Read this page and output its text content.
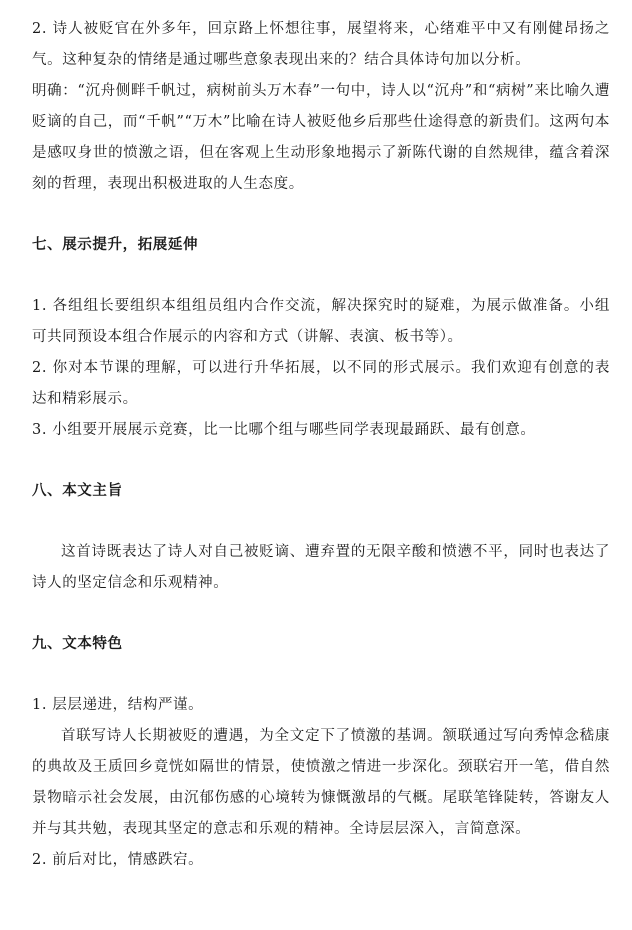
2. 诗人被贬官在外多年，回京路上怀想往事，展望将来，心绪难平中又有刚健昂扬之气。这种复杂的情绪是通过哪些意象表现出来的？结合具体诗句加以分析。

明确：“沉舟侧畔千帆过，病树前头万木春”一句中，诗人以“沉舟”和“病树”来比喻久遭贬谪的自己，而“千帆”“万木”比喻在诗人被贬他乡后那些仕途得意的新贵们。这两句本是感叹身世的愤激之语，但在客观上生动形象地揭示了新陈代谢的自然规律，蕴含着深刻的哲理，表现出积极进取的人生态度。

七、展示提升，拓展延伸

1. 各组组长要组织本组组员组内合作交流，解决探究时的疑难，为展示做准备。小组可共同预设本组合作展示的内容和方式（讲解、表演、板书等）。

2. 你对本节课的理解，可以进行升华拓展，以不同的形式展示。我们欢迎有创意的表达和精彩展示。

3. 小组要开展展示竞赛，比一比哪个组与哪些同学表现最踊跃、最有创意。

八、本文主旨

这首诗既表达了诗人对自己被贬谪、遭弃置的无限辛酸和愤懑不平，同时也表达了诗人的坚定信念和乐观精神。

九、文本特色

1. 层层递进，结构严谨。

首联写诗人长期被贬的遭遇，为全文定下了愤激的基调。颔联通过写向秀悼念嵇康的典故及王质回乡竟恍如隔世的情景，使愤激之情进一步深化。颈联宕开一笔，借自然景物暗示社会发展，由沉郁伤感的心境转为慷慨激昂的气概。尾联笔锋陡转，答谢友人并与其共勉，表现其坚定的意志和乐观的精神。全诗层层深入，言简意深。

2. 前后对比，情感跌宕。
